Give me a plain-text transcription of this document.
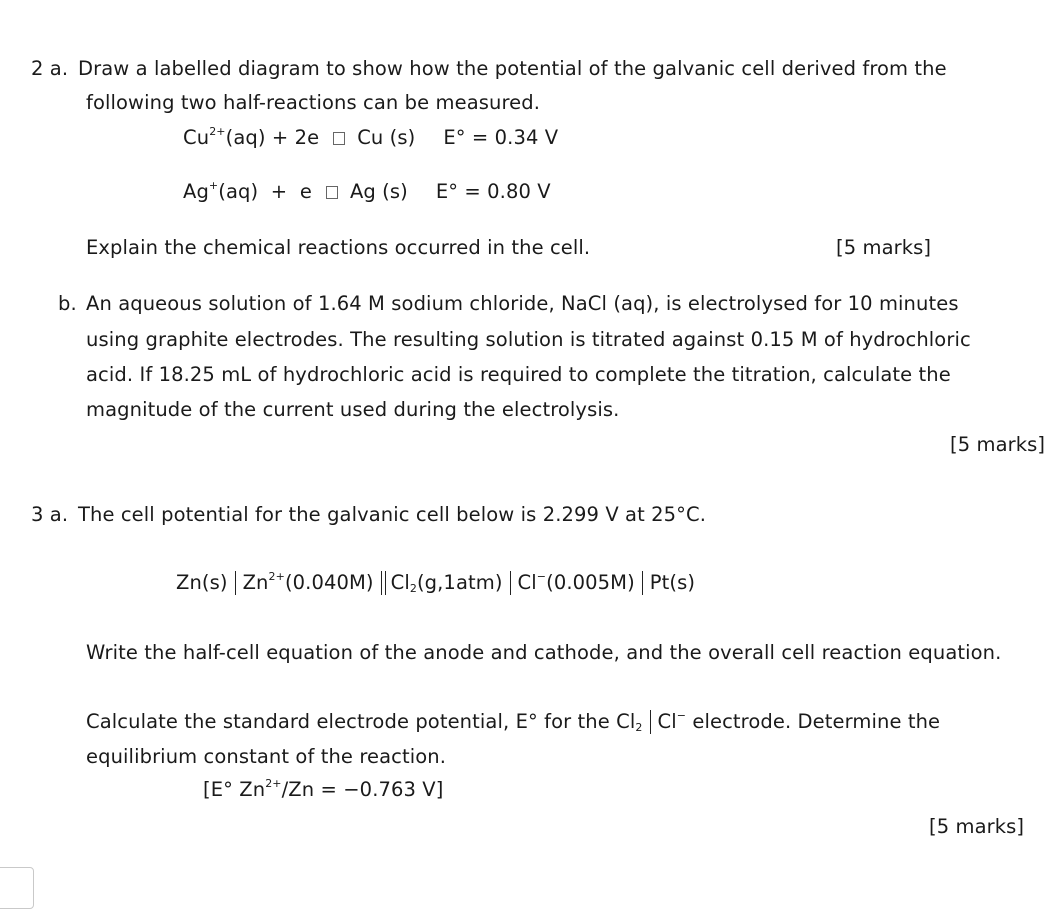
2 a. Draw a labelled diagram to show how the potential of the galvanic cell derived from the
following two half-reactions can be measured.
$Cu^{2+}(aq) + 2e$ Cu (s) E° = 0.34 V
Ag+(aq)  +  e Ag (s) E° = 0.80 V
Explain the chemical reactions occurred in the cell.	[5 marks]
b. An aqueous solution of 1.64 M sodium chloride, NaCl (aq), is electrolysed for 10 minutes
using graphite electrodes. The resulting solution is titrated against 0.15 M of hydrochloric
acid. If 18.25 mL of hydrochloric acid is required to complete the titration, calculate the
magnitude of the current used during the electrolysis.
[5 marks]
3 a. The cell potential for the galvanic cell below is 2.299 V at 25°C.
Zn(s) $Zn^{2+}(0.040M)$ $Cl_2(g,1atm)$ Cl−(0.005M) Pt(s)
Write the half-cell equation of the anode and cathode, and the overall cell reaction equation.
Calculate the standard electrode potential, E° for the $Cl_2$ Cl− electrode. Determine the
equilibrium constant of the reaction.
[E° $Zn^{2+}/Zn = -0.763$ V]
[5 marks]
